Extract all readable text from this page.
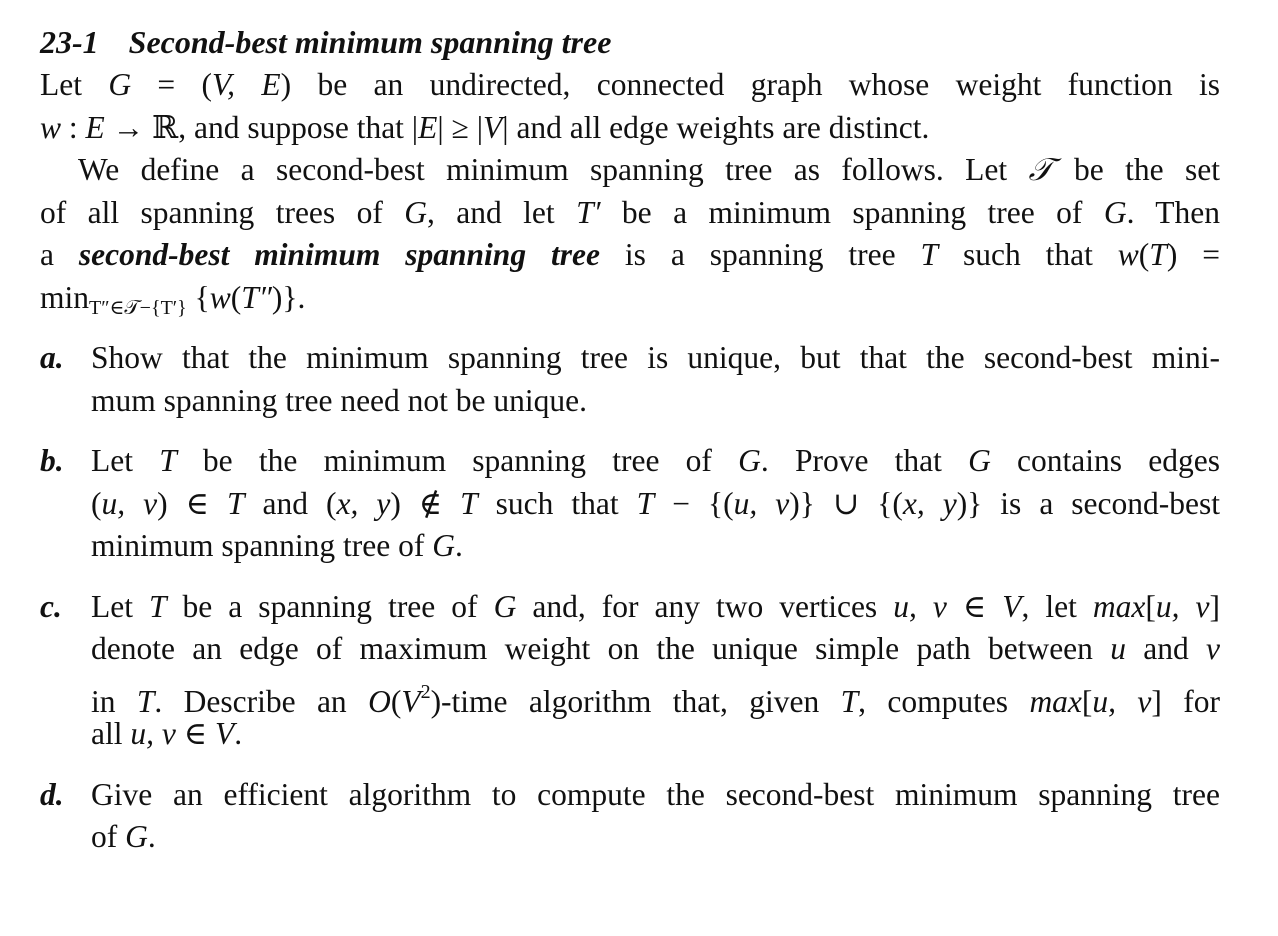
23-1 Second-best minimum spanning tree
Let G = (V, E) be an undirected, connected graph whose weight function is
w : E → ℝ, and suppose that |E| ≥ |V| and all edge weights are distinct.
We define a second-best minimum spanning tree as follows. Let 𝒯 be the set
of all spanning trees of G, and let T′ be a minimum spanning tree of G. Then
a second-best minimum spanning tree is a spanning tree T such that w(T) =
$\min_{T''\in 𝒯-\{T'\}} \{w(T'')\}$.
a. Show that the minimum spanning tree is unique, but that the second-best mini-
mum spanning tree need not be unique.
b. Let T be the minimum spanning tree of G. Prove that G contains edges
(u, v) ∈ T and (x, y) ∉ T such that T − {(u, v)} ∪ {(x, y)} is a second-best
minimum spanning tree of G.
c. Let T be a spanning tree of G and, for any two vertices u, v ∈ V, let max[u, v]
denote an edge of maximum weight on the unique simple path between u and v
in T. Describe an $O(V^2)$-time algorithm that, given T, computes max[u, v] for
all u, v ∈ V.
d. Give an efficient algorithm to compute the second-best minimum spanning tree
of G.
